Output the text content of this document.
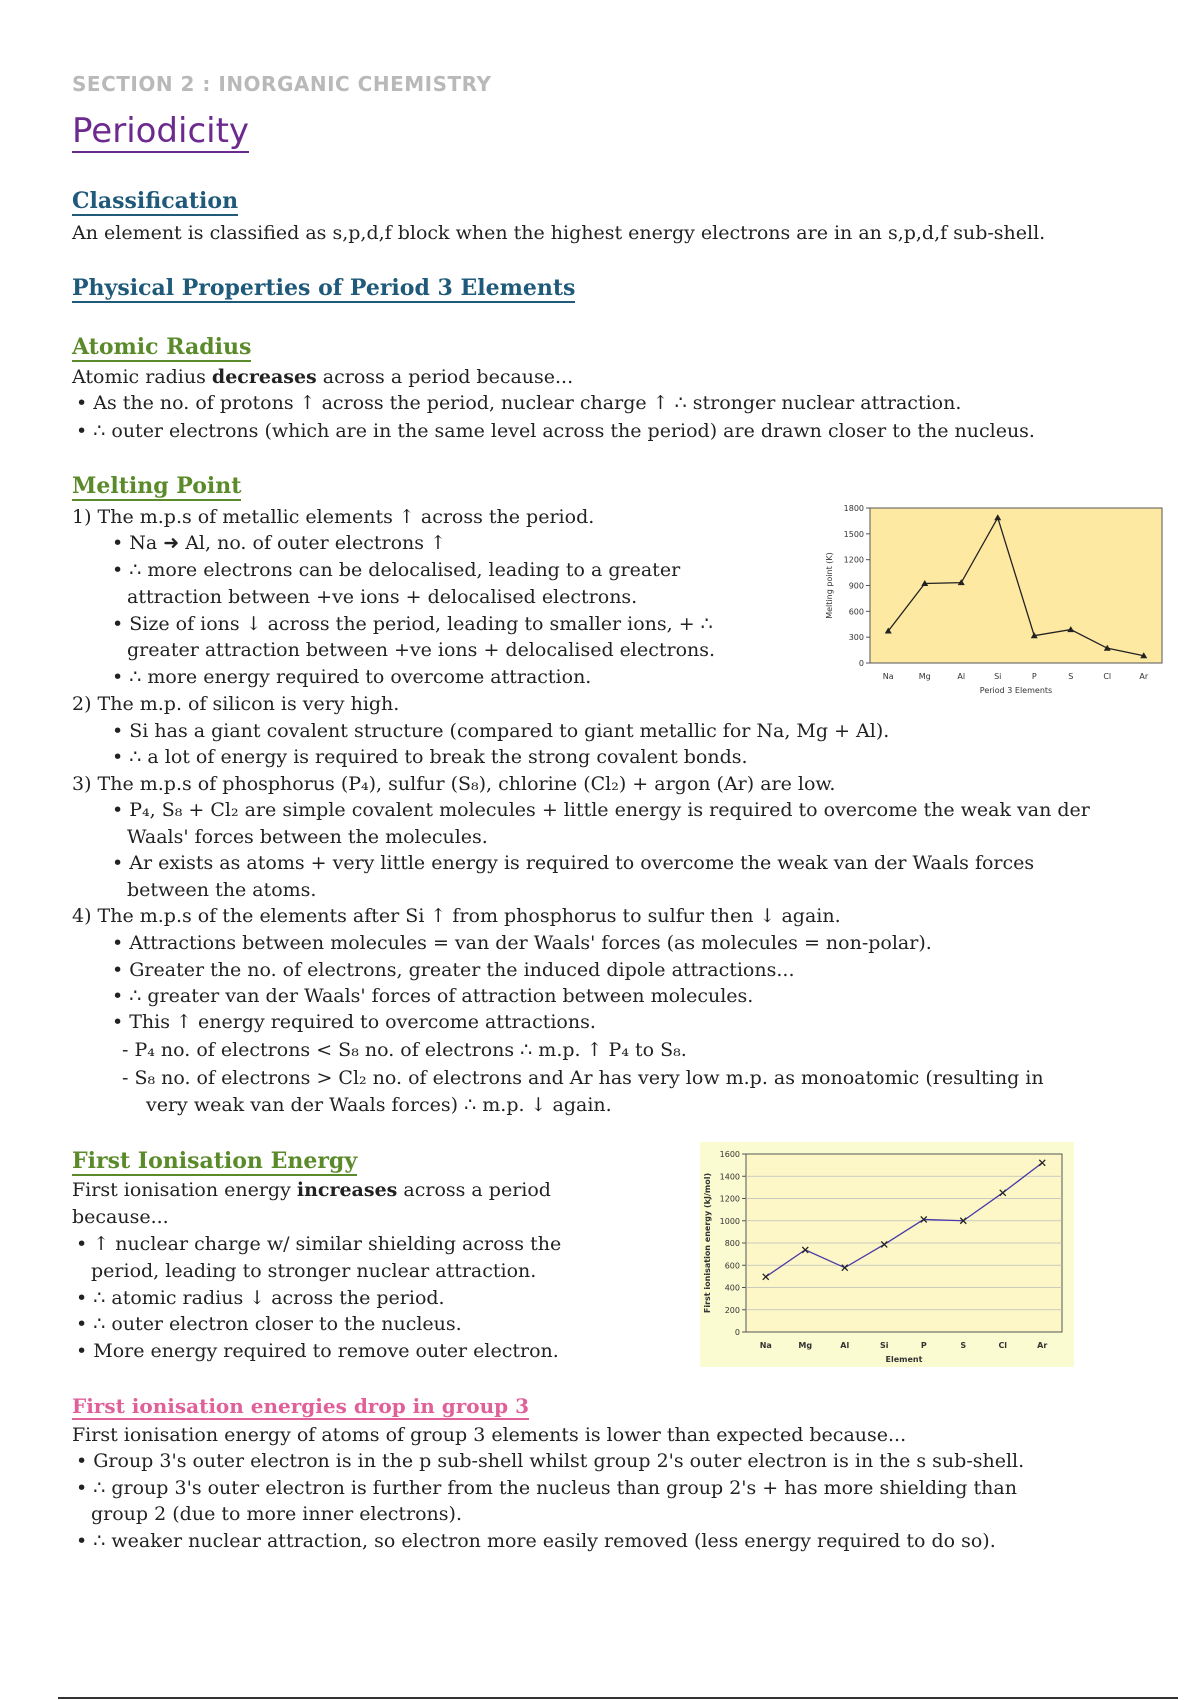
SECTION 2 : INORGANIC CHEMISTRY
Periodicity
Classification
An element is classified as s,p,d,f block when the highest energy electrons are in an s,p,d,f sub-shell.
Physical Properties of Period 3 Elements
Atomic Radius
Atomic radius decreases across a period because...
• As the no. of protons ↑ across the period, nuclear charge ↑ ∴ stronger nuclear attraction.
• ∴ outer electrons (which are in the same level across the period) are drawn closer to the nucleus.
Melting Point
1) The m.p.s of metallic elements ↑ across the period.
• Na ➜ Al, no. of outer electrons ↑
• ∴ more electrons can be delocalised, leading to a greater
attraction between +ve ions + delocalised electrons.
• Size of ions ↓ across the period, leading to smaller ions, + ∴
greater attraction between +ve ions + delocalised electrons.
• ∴ more energy required to overcome attraction.
2) The m.p. of silicon is very high.
• Si has a giant covalent structure (compared to giant metallic for Na, Mg + Al).
• ∴ a lot of energy is required to break the strong covalent bonds.
3) The m.p.s of phosphorus (P₄), sulfur (S₈), chlorine (Cl₂) + argon (Ar) are low.
• P₄, S₈ + Cl₂ are simple covalent molecules + little energy is required to overcome the weak van der
Waals' forces between the molecules.
• Ar exists as atoms + very little energy is required to overcome the weak van der Waals forces
between the atoms.
4) The m.p.s of the elements after Si ↑ from phosphorus to sulfur then ↓ again.
• Attractions between molecules = van der Waals' forces (as molecules = non-polar).
• Greater the no. of electrons, greater the induced dipole attractions...
• ∴ greater van der Waals' forces of attraction between molecules.
• This ↑ energy required to overcome attractions.
- P₄ no. of electrons < S₈ no. of electrons ∴ m.p. ↑ P₄ to S₈.
- S₈ no. of electrons > Cl₂ no. of electrons and Ar has very low m.p. as monoatomic (resulting in
very weak van der Waals forces) ∴ m.p. ↓ again.
0
300
600
900
1200
1500
1800
Na	Mg	Al	Si	P	S	Cl	Ar
Period 3 Elements
Melting point (K)
First Ionisation Energy
First ionisation energy increases across a period
because...
• ↑ nuclear charge w/ similar shielding across the
period, leading to stronger nuclear attraction.
• ∴ atomic radius ↓ across the period.
• ∴ outer electron closer to the nucleus.
• More energy required to remove outer electron.
0
200
400
600
800
1000
1200
1400
1600
Na	Mg	Al	Si	P	S	Cl	Ar
Element
First ionisation energy (kJ/mol)
First ionisation energies drop in group 3
First ionisation energy of atoms of group 3 elements is lower than expected because...
• Group 3's outer electron is in the p sub-shell whilst group 2's outer electron is in the s sub-shell.
• ∴ group 3's outer electron is further from the nucleus than group 2's + has more shielding than
group 2 (due to more inner electrons).
• ∴ weaker nuclear attraction, so electron more easily removed (less energy required to do so).
